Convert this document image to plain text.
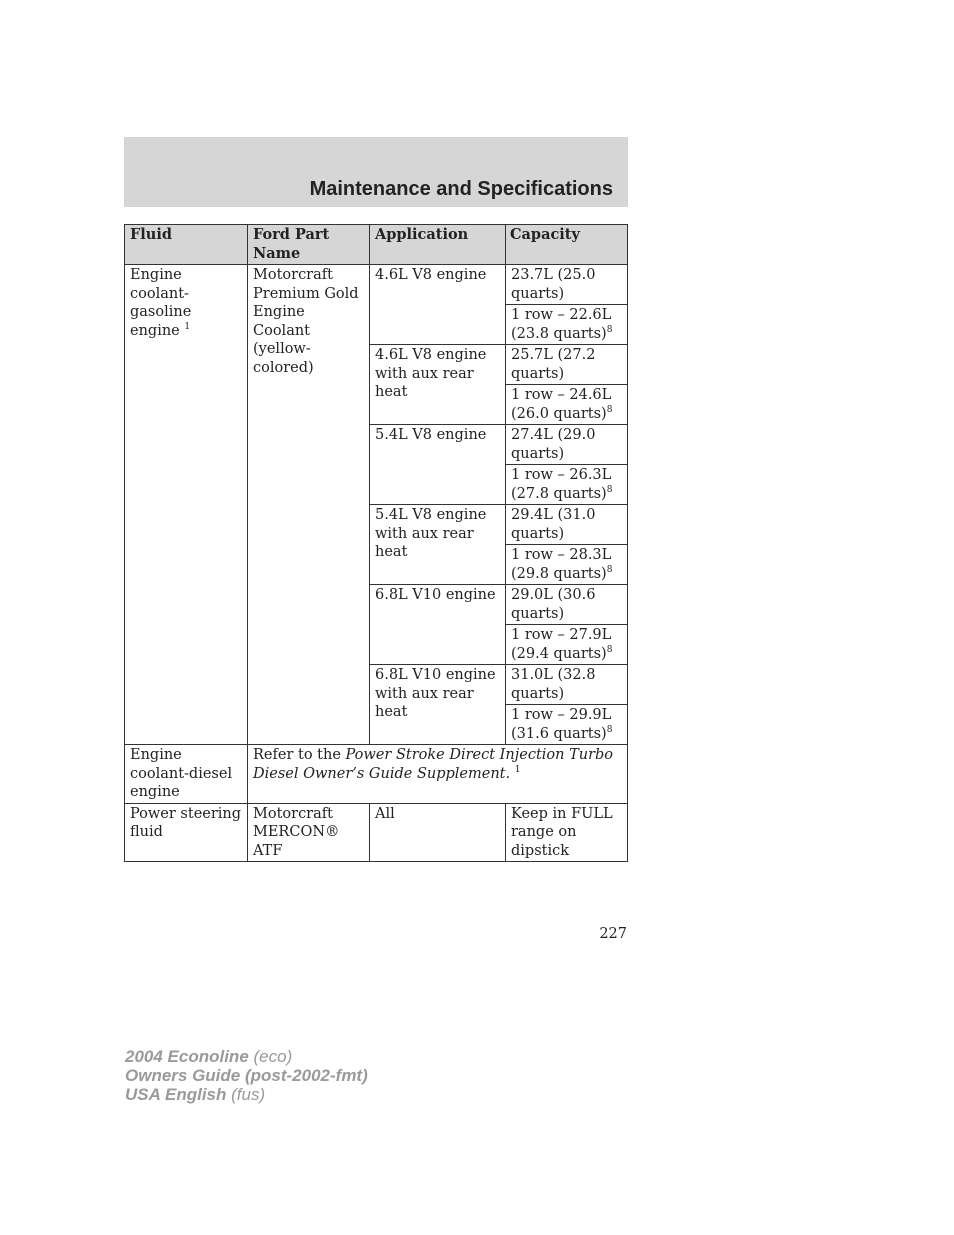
Maintenance and Specifications
Fluid	Ford Part Name	Application	Capacity
Engine coolant-gasoline engine $^1$	Motorcraft Premium Gold Engine Coolant (yellow-colored)	4.6L V8 engine	23.7L (25.0 quarts)
			1 row – 22.6L (23.8 quarts)$^8$
		4.6L V8 engine with aux rear heat	25.7L (27.2 quarts)
			1 row – 24.6L (26.0 quarts)$^8$
		5.4L V8 engine	27.4L (29.0 quarts)
			1 row – 26.3L (27.8 quarts)$^8$
		5.4L V8 engine with aux rear heat	29.4L (31.0 quarts)
			1 row – 28.3L (29.8 quarts)$^8$
		6.8L V10 engine	29.0L (30.6 quarts)
			1 row – 27.9L (29.4 quarts)$^8$
		6.8L V10 engine with aux rear heat	31.0L (32.8 quarts)
			1 row – 29.9L (31.6 quarts)$^8$
Engine coolant-diesel engine	Refer to the Power Stroke Direct Injection Turbo Diesel Owner’s Guide Supplement. $^1$
Power steering fluid	Motorcraft MERCON® ATF	All	Keep in FULL range on dipstick
227
2004 Econoline (eco)
Owners Guide (post-2002-fmt)
USA English (fus)
